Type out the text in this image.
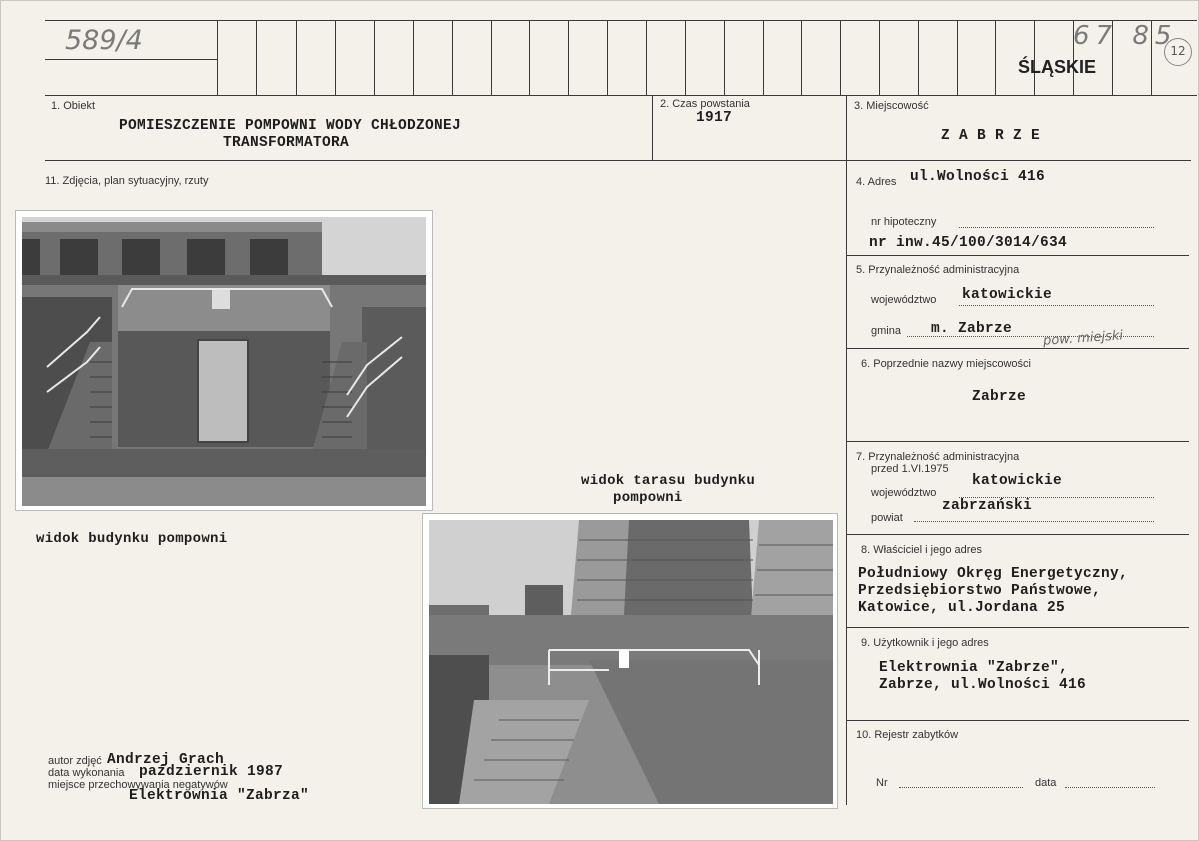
589/4
ŚLĄSKIE
67 85
12
1. Obiekt
POMIESZCZENIE POMPOWNI WODY CHŁODZONEJ
TRANSFORMATORA
2. Czas powstania
1917
3. Miejscowość
Z A B R Z E
11. Zdjęcia, plan sytuacyjny, rzuty	4. Adres ul.Wolności 416
nr hipoteczny
nr inw.45/100/3014/634
5. Przynależność administracyjna
województwo katowickie
gmina m. Zabrze pow. miejski
6. Poprzednie nazwy miejscowości
Zabrze
7. Przynależność administracyjna
przed 1.VI.1975
województwo
katowickie
powiat
zabrzański
8. Właściciel i jego adres
Południowy Okręg Energetyczny,
Przedsiębiorstwo Państwowe,
Katowice, ul.Jordana 25
9. Użytkownik i jego adres
Elektrownia "Zabrze",
Zabrze, ul.Wolności 416
10. Rejestr zabytków
Nr	data
widok budynku pompowni
widok tarasu budynku
pompowni
autor zdjęć Andrzej Grach
data wykonania październik 1987
miejsce przechowywania negatywów
Elektrownia "Zabrza"
